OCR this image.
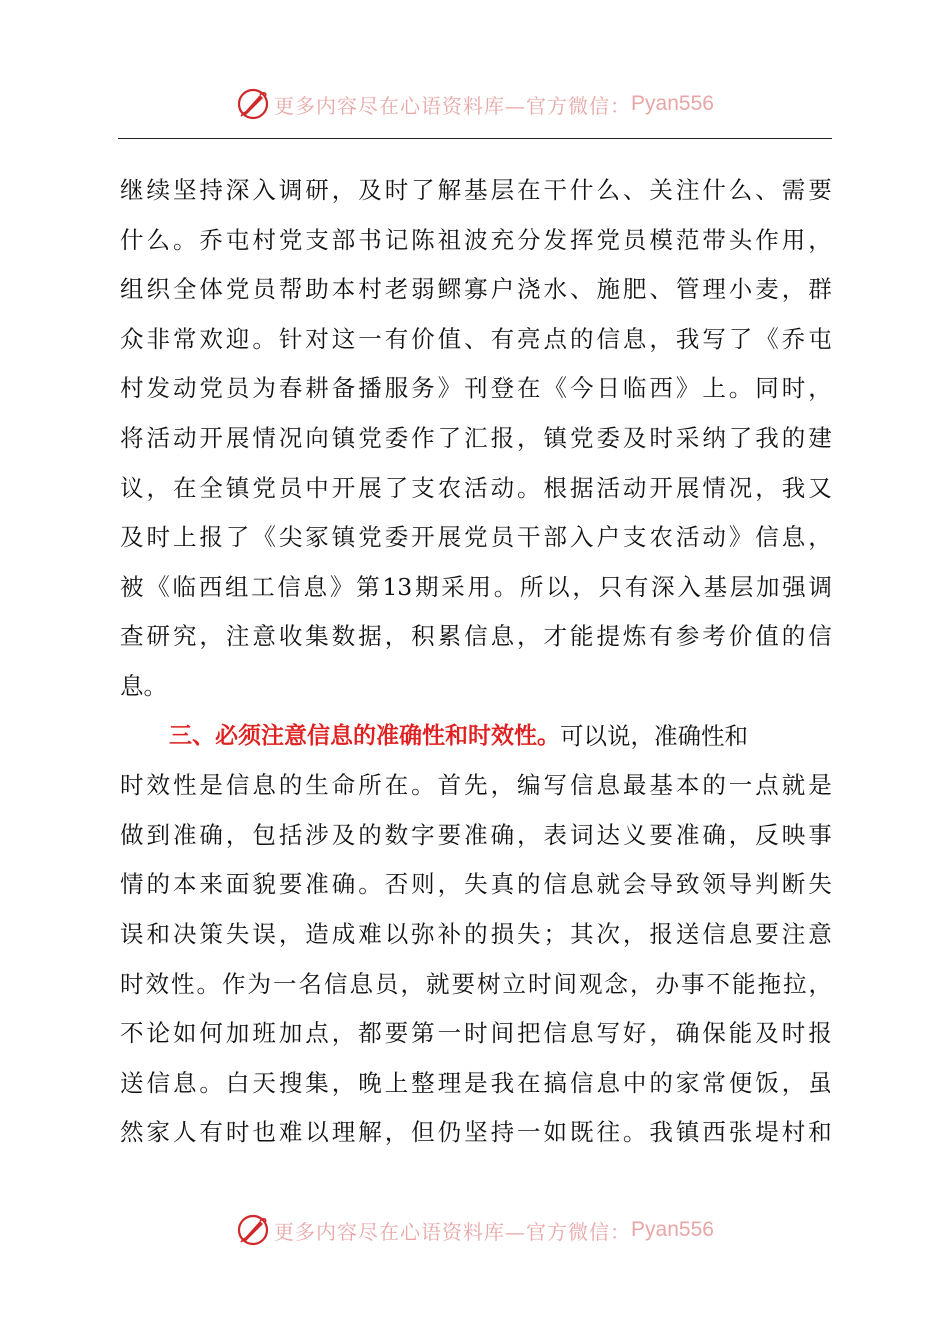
更多内容尽在心语资料库—官方微信： Pyan556
继 续 坚 持 深 入 调 研 ， 及 时 了 解 基 层 在 干 什 么 、 关 注 什 么 、 需 要
什 么 。 乔 屯 村 党 支 部 书 记 陈 祖 波 充 分 发 挥 党 员 模 范 带 头 作 用 ，
组 织 全 体 党 员 帮 助 本 村 老 弱 鳏 寡 户 浇 水 、 施 肥 、 管 理 小 麦 ， 群
众 非 常 欢 迎 。 针 对 这 一 有 价 值 、 有 亮 点 的 信 息 ， 我 写 了 《 乔 屯
村 发 动 党 员 为 春 耕 备 播 服 务 》 刊 登 在 《 今 日 临 西 》 上 。 同 时 ，
将 活 动 开 展 情 况 向 镇 党 委 作 了 汇 报 ， 镇 党 委 及 时 采 纳 了 我 的 建
议 ， 在 全 镇 党 员 中 开 展 了 支 农 活 动 。 根 据 活 动 开 展 情 况 ， 我 又
及 时 上 报 了 《 尖 冢 镇 党 委 开 展 党 员 干 部 入 户 支 农 活 动 》 信 息 ，
被 《 临 西 组 工 信 息 》 第 13 期 采 用 。 所 以 ， 只 有 深 入 基 层 加 强 调
查 研 究 ， 注 意 收 集 数 据 ， 积 累 信 息 ， 才 能 提 炼 有 参 考 价 值 的 信
息。
三、必须注意信息的准确性和时效性。 可以说，准确性和
时 效 性 是 信 息 的 生 命 所 在 。 首 先 ， 编 写 信 息 最 基 本 的 一 点 就 是
做 到 准 确 ， 包 括 涉 及 的 数 字 要 准 确 ， 表 词 达 义 要 准 确 ， 反 映 事
情 的 本 来 面 貌 要 准 确 。 否 则 ， 失 真 的 信 息 就 会 导 致 领 导 判 断 失
误 和 决 策 失 误 ， 造 成 难 以 弥 补 的 损 失 ； 其 次 ， 报 送 信 息 要 注 意
时 效 性 。 作 为 一 名 信 息 员 ， 就 要 树 立 时 间 观 念 ， 办 事 不 能 拖 拉 ，
不 论 如 何 加 班 加 点 ， 都 要 第 一 时 间 把 信 息 写 好 ， 确 保 能 及 时 报
送 信 息 。 白 天 搜 集 ， 晚 上 整 理 是 我 在 搞 信 息 中 的 家 常 便 饭 ， 虽
然 家 人 有 时 也 难 以 理 解 ， 但 仍 坚 持 一 如 既 往 。 我 镇 西 张 堤 村 和
更多内容尽在心语资料库—官方微信： Pyan556
